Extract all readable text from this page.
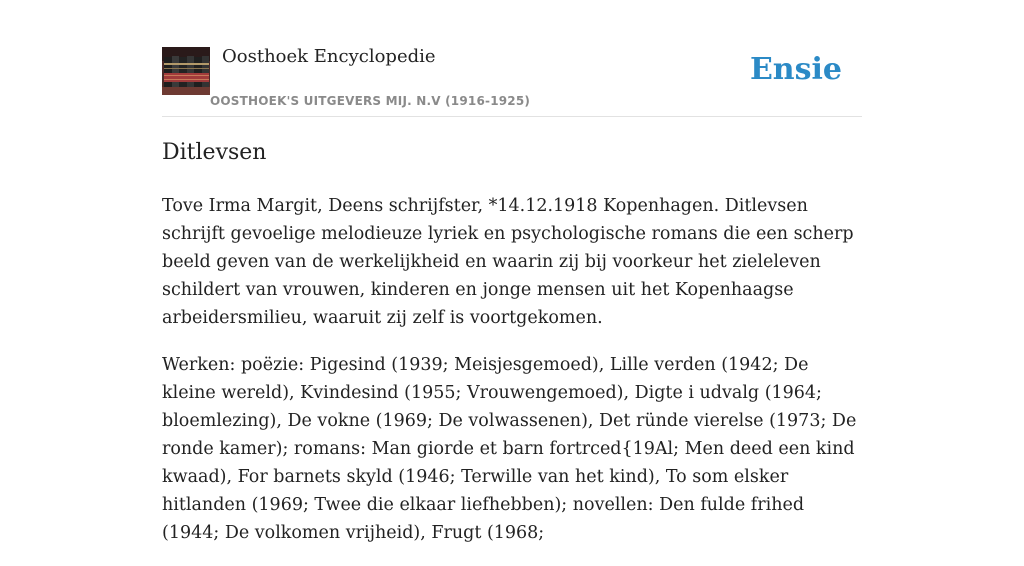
Oosthoek Encyclopedie
OOSTHOEK'S UITGEVERS MIJ. N.V (1916-1925)
Ensie
Ditlevsen

Tove Irma Margit, Deens schrijfster, *14.12.1918 Kopenhagen. Ditlevsen schrijft gevoelige melodieuze lyriek en psychologische romans die een scherp beeld geven van de werkelijkheid en waarin zij bij voorkeur het zieleleven schildert van vrouwen, kinderen en jonge mensen uit het Kopenhaagse arbeidersmilieu, waaruit zij zelf is voortgekomen.

Werken: poëzie: Pigesind (1939; Meisjesgemoed), Lille verden (1942; De kleine wereld), Kvindesind (1955; Vrouwengemoed), Digte i udvalg (1964; bloemlezing), De vokne (1969; De volwassenen), Det ründe vierelse (1973; De ronde kamer); romans: Man giorde et barn fortrced{19Al; Men deed een kind kwaad), For barnets skyld (1946; Terwille van het kind), To som elsker hitlanden (1969; Twee die elkaar liefhebben); novellen: Den fulde frihed (1944; De volkomen vrijheid), Frugt (1968;
